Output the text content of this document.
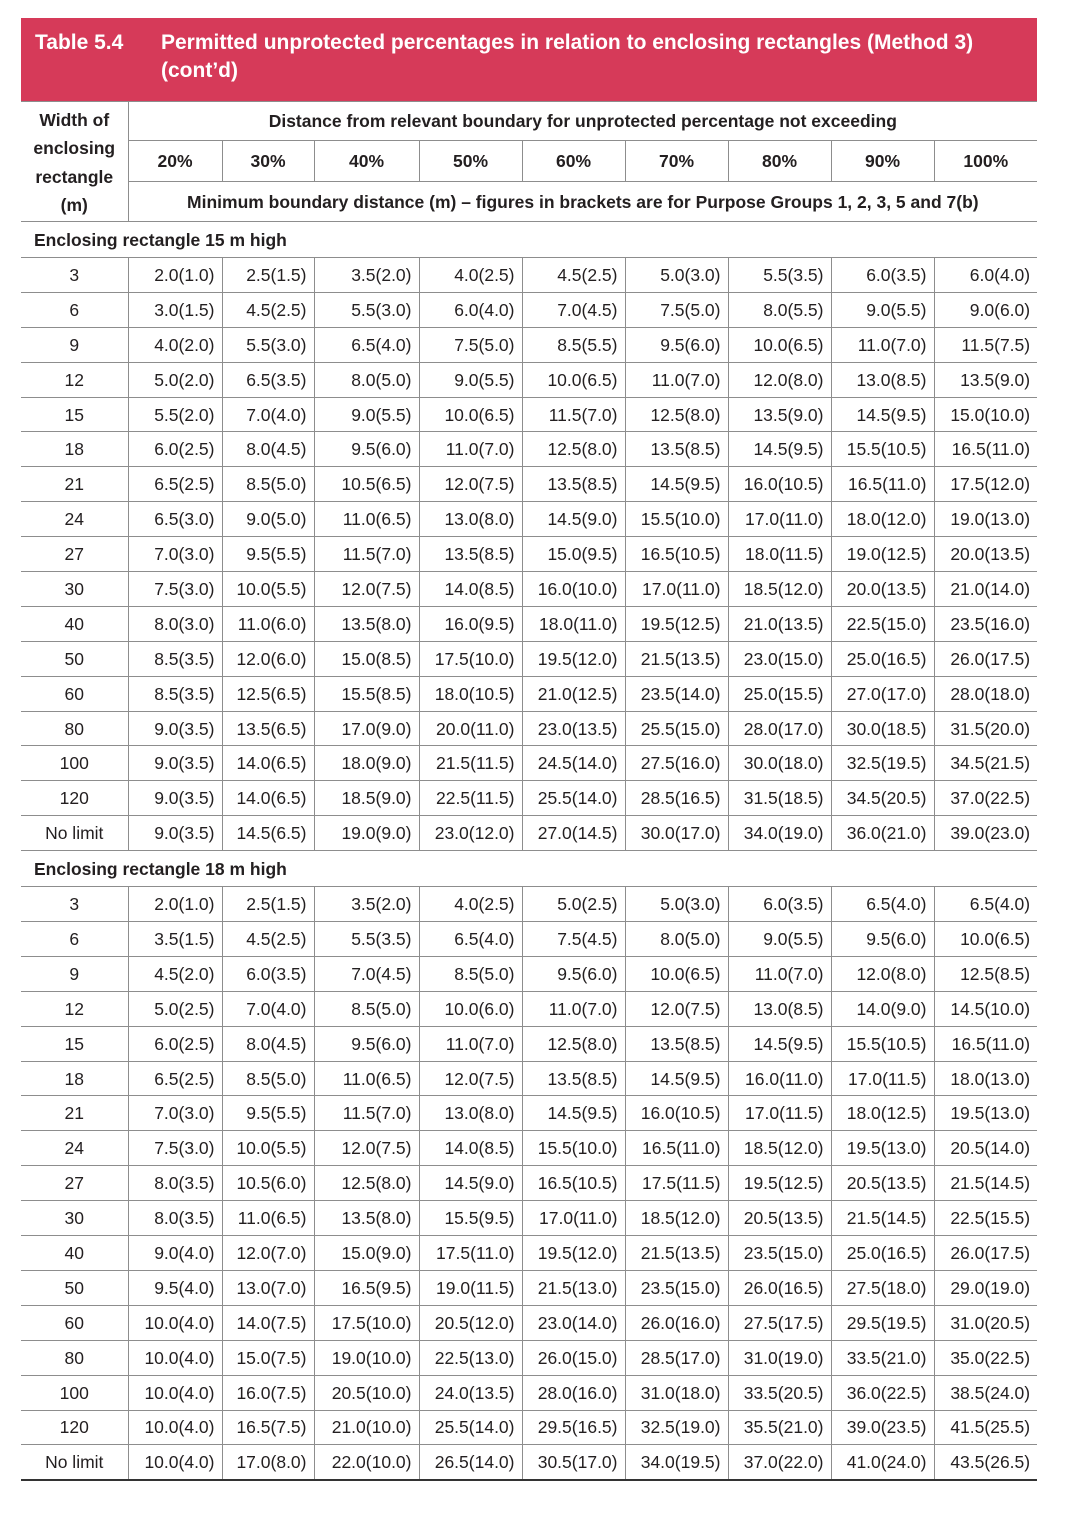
Table 5.4	Permitted unprotected percentages in relation to enclosing rectangles (Method 3) (cont’d)
Width of enclosing rectangle (m)	Distance from relevant boundary for unprotected percentage not exceeding								
	20%	30%	40%	50%	60%	70%	80%	90%	100%
	Minimum boundary distance (m) – figures in brackets are for Purpose Groups 1, 2, 3, 5 and 7(b)								
Enclosing rectangle 15 m high									
3	2.0(1.0)	2.5(1.5)	3.5(2.0)	4.0(2.5)	4.5(2.5)	5.0(3.0)	5.5(3.5)	6.0(3.5)	6.0(4.0)
6	3.0(1.5)	4.5(2.5)	5.5(3.0)	6.0(4.0)	7.0(4.5)	7.5(5.0)	8.0(5.5)	9.0(5.5)	9.0(6.0)
9	4.0(2.0)	5.5(3.0)	6.5(4.0)	7.5(5.0)	8.5(5.5)	9.5(6.0)	10.0(6.5)	11.0(7.0)	11.5(7.5)
12	5.0(2.0)	6.5(3.5)	8.0(5.0)	9.0(5.5)	10.0(6.5)	11.0(7.0)	12.0(8.0)	13.0(8.5)	13.5(9.0)
15	5.5(2.0)	7.0(4.0)	9.0(5.5)	10.0(6.5)	11.5(7.0)	12.5(8.0)	13.5(9.0)	14.5(9.5)	15.0(10.0)
18	6.0(2.5)	8.0(4.5)	9.5(6.0)	11.0(7.0)	12.5(8.0)	13.5(8.5)	14.5(9.5)	15.5(10.5)	16.5(11.0)
21	6.5(2.5)	8.5(5.0)	10.5(6.5)	12.0(7.5)	13.5(8.5)	14.5(9.5)	16.0(10.5)	16.5(11.0)	17.5(12.0)
24	6.5(3.0)	9.0(5.0)	11.0(6.5)	13.0(8.0)	14.5(9.0)	15.5(10.0)	17.0(11.0)	18.0(12.0)	19.0(13.0)
27	7.0(3.0)	9.5(5.5)	11.5(7.0)	13.5(8.5)	15.0(9.5)	16.5(10.5)	18.0(11.5)	19.0(12.5)	20.0(13.5)
30	7.5(3.0)	10.0(5.5)	12.0(7.5)	14.0(8.5)	16.0(10.0)	17.0(11.0)	18.5(12.0)	20.0(13.5)	21.0(14.0)
40	8.0(3.0)	11.0(6.0)	13.5(8.0)	16.0(9.5)	18.0(11.0)	19.5(12.5)	21.0(13.5)	22.5(15.0)	23.5(16.0)
50	8.5(3.5)	12.0(6.0)	15.0(8.5)	17.5(10.0)	19.5(12.0)	21.5(13.5)	23.0(15.0)	25.0(16.5)	26.0(17.5)
60	8.5(3.5)	12.5(6.5)	15.5(8.5)	18.0(10.5)	21.0(12.5)	23.5(14.0)	25.0(15.5)	27.0(17.0)	28.0(18.0)
80	9.0(3.5)	13.5(6.5)	17.0(9.0)	20.0(11.0)	23.0(13.5)	25.5(15.0)	28.0(17.0)	30.0(18.5)	31.5(20.0)
100	9.0(3.5)	14.0(6.5)	18.0(9.0)	21.5(11.5)	24.5(14.0)	27.5(16.0)	30.0(18.0)	32.5(19.5)	34.5(21.5)
120	9.0(3.5)	14.0(6.5)	18.5(9.0)	22.5(11.5)	25.5(14.0)	28.5(16.5)	31.5(18.5)	34.5(20.5)	37.0(22.5)
No limit	9.0(3.5)	14.5(6.5)	19.0(9.0)	23.0(12.0)	27.0(14.5)	30.0(17.0)	34.0(19.0)	36.0(21.0)	39.0(23.0)
Enclosing rectangle 18 m high									
3	2.0(1.0)	2.5(1.5)	3.5(2.0)	4.0(2.5)	5.0(2.5)	5.0(3.0)	6.0(3.5)	6.5(4.0)	6.5(4.0)
6	3.5(1.5)	4.5(2.5)	5.5(3.5)	6.5(4.0)	7.5(4.5)	8.0(5.0)	9.0(5.5)	9.5(6.0)	10.0(6.5)
9	4.5(2.0)	6.0(3.5)	7.0(4.5)	8.5(5.0)	9.5(6.0)	10.0(6.5)	11.0(7.0)	12.0(8.0)	12.5(8.5)
12	5.0(2.5)	7.0(4.0)	8.5(5.0)	10.0(6.0)	11.0(7.0)	12.0(7.5)	13.0(8.5)	14.0(9.0)	14.5(10.0)
15	6.0(2.5)	8.0(4.5)	9.5(6.0)	11.0(7.0)	12.5(8.0)	13.5(8.5)	14.5(9.5)	15.5(10.5)	16.5(11.0)
18	6.5(2.5)	8.5(5.0)	11.0(6.5)	12.0(7.5)	13.5(8.5)	14.5(9.5)	16.0(11.0)	17.0(11.5)	18.0(13.0)
21	7.0(3.0)	9.5(5.5)	11.5(7.0)	13.0(8.0)	14.5(9.5)	16.0(10.5)	17.0(11.5)	18.0(12.5)	19.5(13.0)
24	7.5(3.0)	10.0(5.5)	12.0(7.5)	14.0(8.5)	15.5(10.0)	16.5(11.0)	18.5(12.0)	19.5(13.0)	20.5(14.0)
27	8.0(3.5)	10.5(6.0)	12.5(8.0)	14.5(9.0)	16.5(10.5)	17.5(11.5)	19.5(12.5)	20.5(13.5)	21.5(14.5)
30	8.0(3.5)	11.0(6.5)	13.5(8.0)	15.5(9.5)	17.0(11.0)	18.5(12.0)	20.5(13.5)	21.5(14.5)	22.5(15.5)
40	9.0(4.0)	12.0(7.0)	15.0(9.0)	17.5(11.0)	19.5(12.0)	21.5(13.5)	23.5(15.0)	25.0(16.5)	26.0(17.5)
50	9.5(4.0)	13.0(7.0)	16.5(9.5)	19.0(11.5)	21.5(13.0)	23.5(15.0)	26.0(16.5)	27.5(18.0)	29.0(19.0)
60	10.0(4.0)	14.0(7.5)	17.5(10.0)	20.5(12.0)	23.0(14.0)	26.0(16.0)	27.5(17.5)	29.5(19.5)	31.0(20.5)
80	10.0(4.0)	15.0(7.5)	19.0(10.0)	22.5(13.0)	26.0(15.0)	28.5(17.0)	31.0(19.0)	33.5(21.0)	35.0(22.5)
100	10.0(4.0)	16.0(7.5)	20.5(10.0)	24.0(13.5)	28.0(16.0)	31.0(18.0)	33.5(20.5)	36.0(22.5)	38.5(24.0)
120	10.0(4.0)	16.5(7.5)	21.0(10.0)	25.5(14.0)	29.5(16.5)	32.5(19.0)	35.5(21.0)	39.0(23.5)	41.5(25.5)
No limit	10.0(4.0)	17.0(8.0)	22.0(10.0)	26.5(14.0)	30.5(17.0)	34.0(19.5)	37.0(22.0)	41.0(24.0)	43.5(26.5)
